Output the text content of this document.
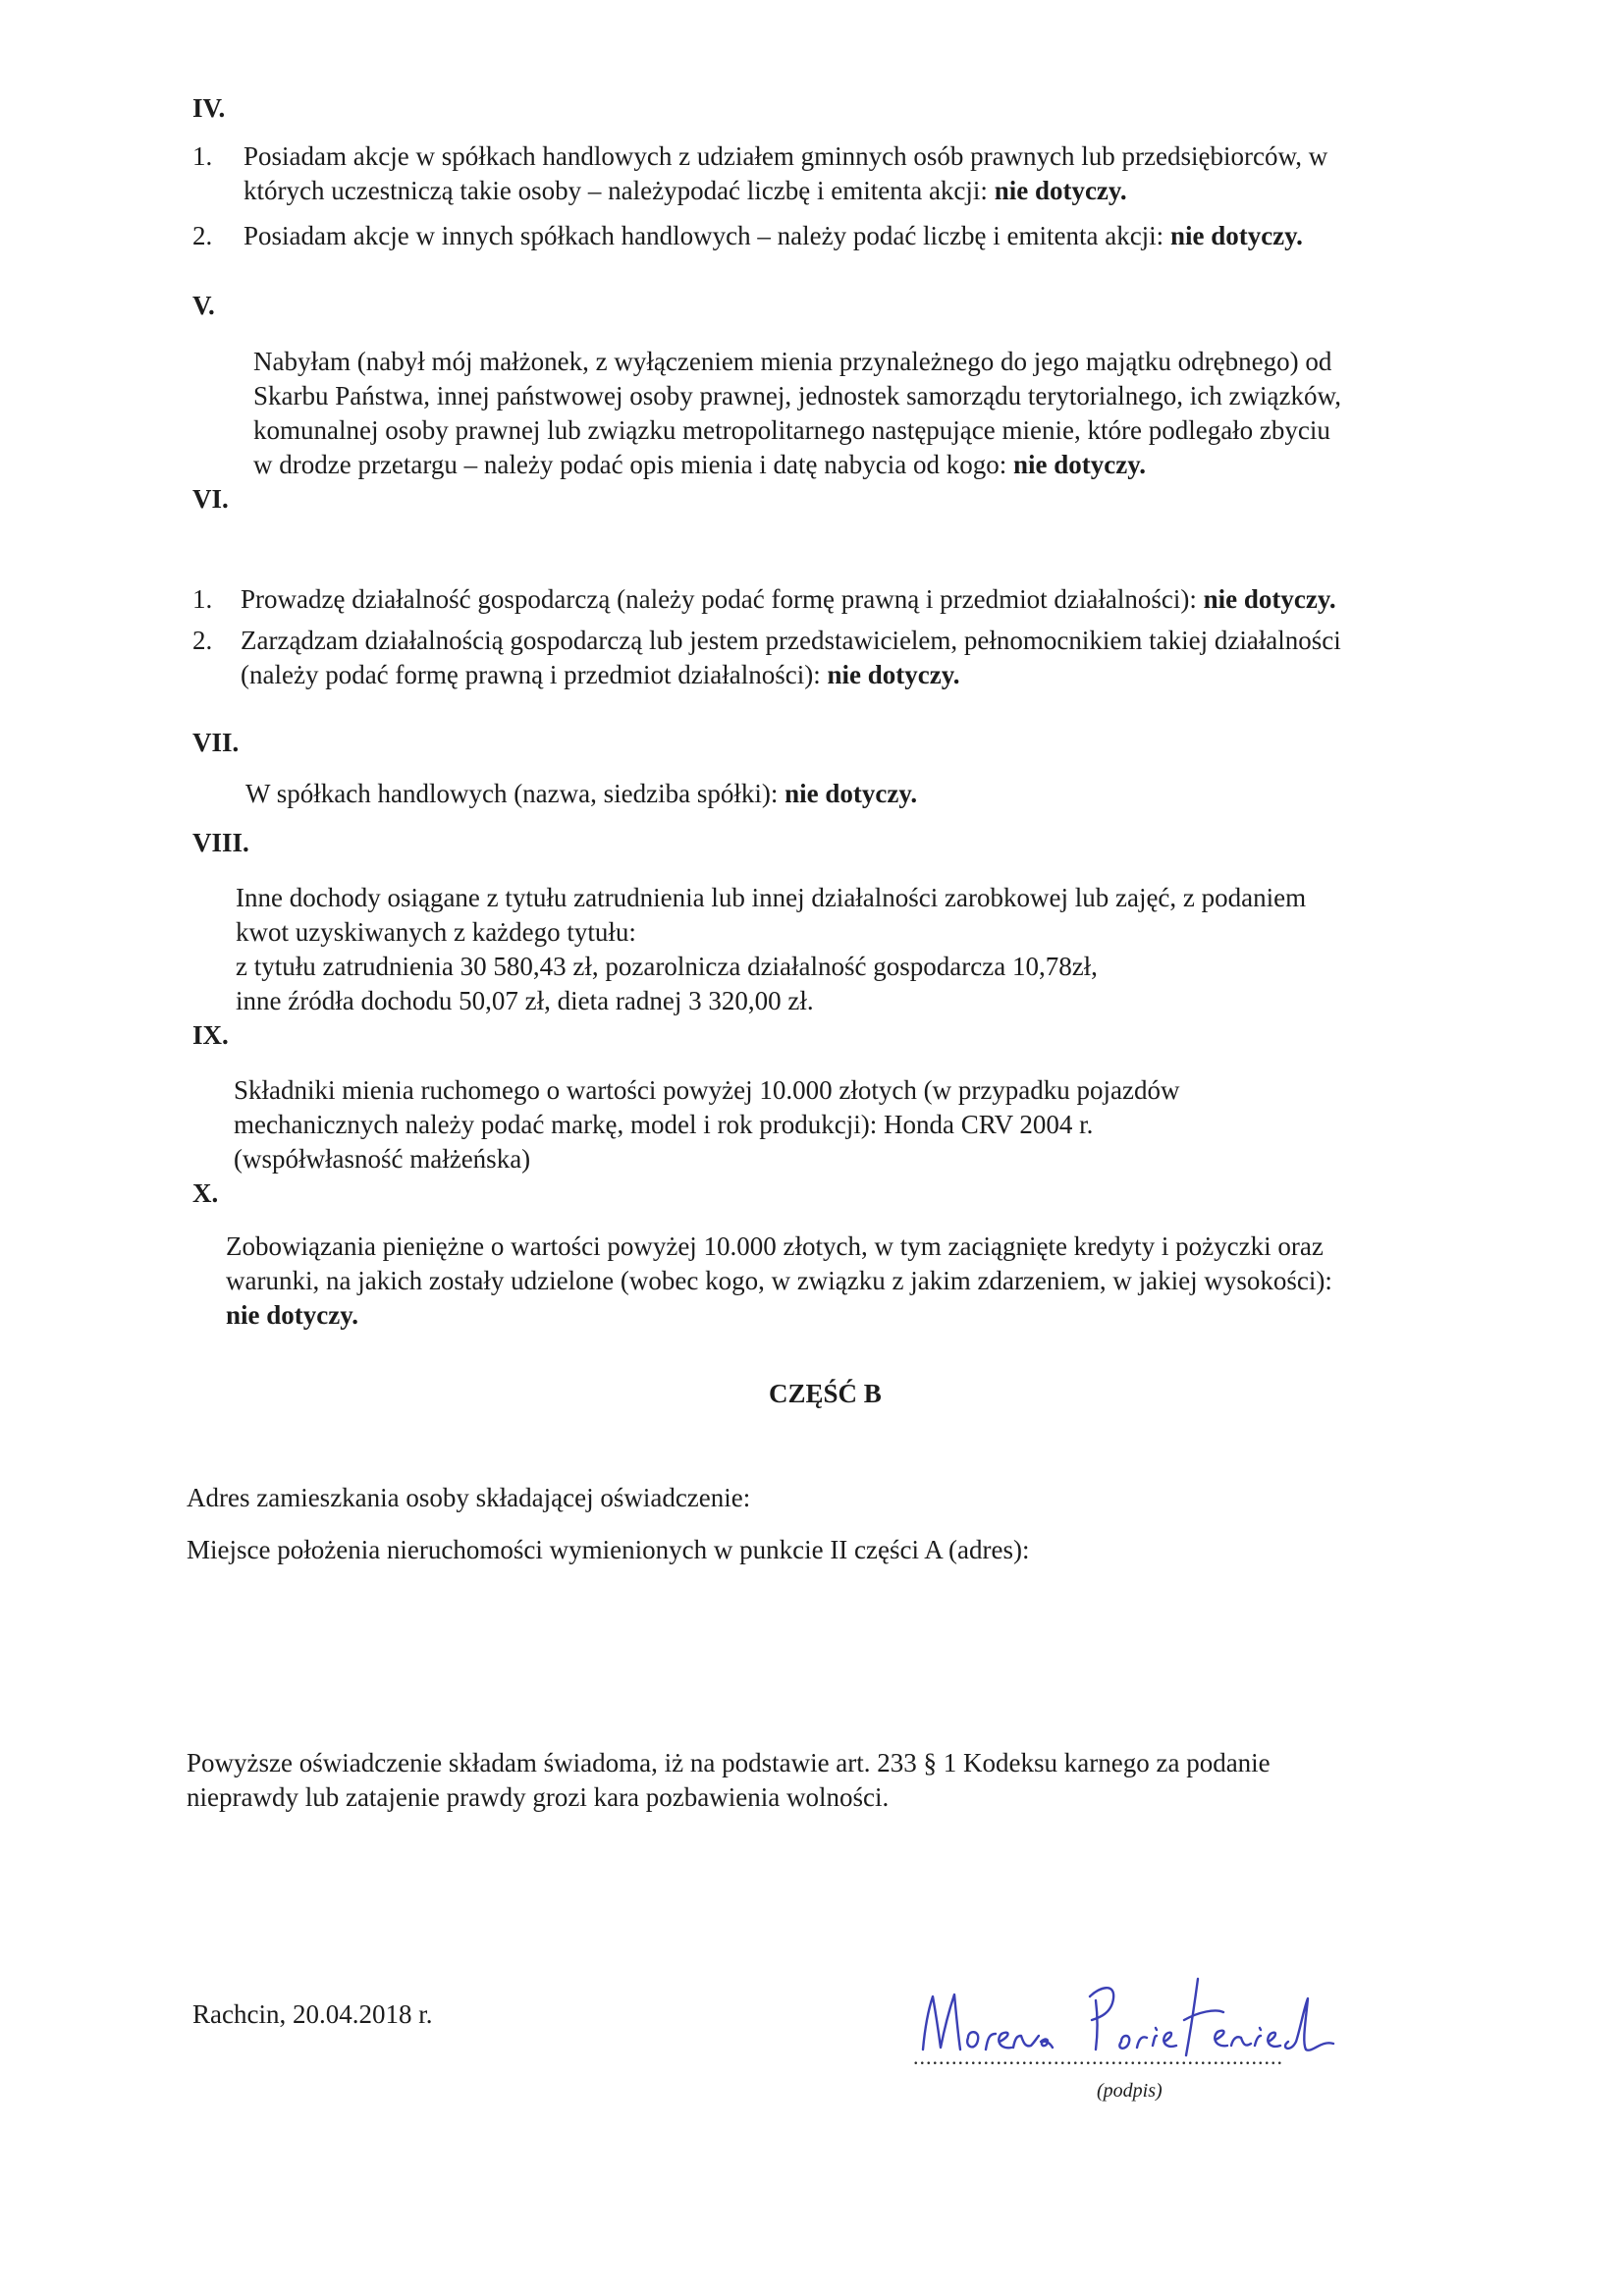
IV.
1. Posiadam akcje w spółkach handlowych z udziałem gminnych osób prawnych lub przedsiębiorców, w
których uczestniczą takie osoby – należypodać liczbę i emitenta akcji: nie dotyczy.
2. Posiadam akcje w innych spółkach handlowych – należy podać liczbę i emitenta akcji: nie dotyczy.
V.
Nabyłam (nabył mój małżonek, z wyłączeniem mienia przynależnego do jego majątku odrębnego) od
Skarbu Państwa, innej państwowej osoby prawnej, jednostek samorządu terytorialnego, ich związków,
komunalnej osoby prawnej lub związku metropolitarnego następujące mienie, które podlegało zbyciu
w drodze przetargu – należy podać opis mienia i datę nabycia od kogo: nie dotyczy.
VI.
1. Prowadzę działalność gospodarczą (należy podać formę prawną i przedmiot działalności): nie dotyczy.
2. Zarządzam działalnością gospodarczą lub jestem przedstawicielem, pełnomocnikiem takiej działalności
(należy podać formę prawną i przedmiot działalności): nie dotyczy.
VII.
W spółkach handlowych (nazwa, siedziba spółki): nie dotyczy.
VIII.
Inne dochody osiągane z tytułu zatrudnienia lub innej działalności zarobkowej lub zajęć, z podaniem
kwot uzyskiwanych z każdego tytułu:
z tytułu zatrudnienia 30 580,43 zł, pozarolnicza działalność gospodarcza 10,78zł,
inne źródła dochodu 50,07 zł, dieta radnej 3 320,00 zł.
IX.
Składniki mienia ruchomego o wartości powyżej 10.000 złotych (w przypadku pojazdów
mechanicznych należy podać markę, model i rok produkcji): Honda CRV 2004 r.
(współwłasność małżeńska)
X.
Zobowiązania pieniężne o wartości powyżej 10.000 złotych, w tym zaciągnięte kredyty i pożyczki oraz
warunki, na jakich zostały udzielone (wobec kogo, w związku z jakim zdarzeniem, w jakiej wysokości):
nie dotyczy.
CZĘŚĆ B
Adres zamieszkania osoby składającej oświadczenie:
Miejsce położenia nieruchomości wymienionych w punkcie II części A (adres):
Powyższe oświadczenie składam świadoma, iż na podstawie art. 233 § 1 Kodeksu karnego za podanie
nieprawdy lub zatajenie prawdy grozi kara pozbawienia wolności.
Rachcin, 20.04.2018 r.
..........................................................
(podpis)
